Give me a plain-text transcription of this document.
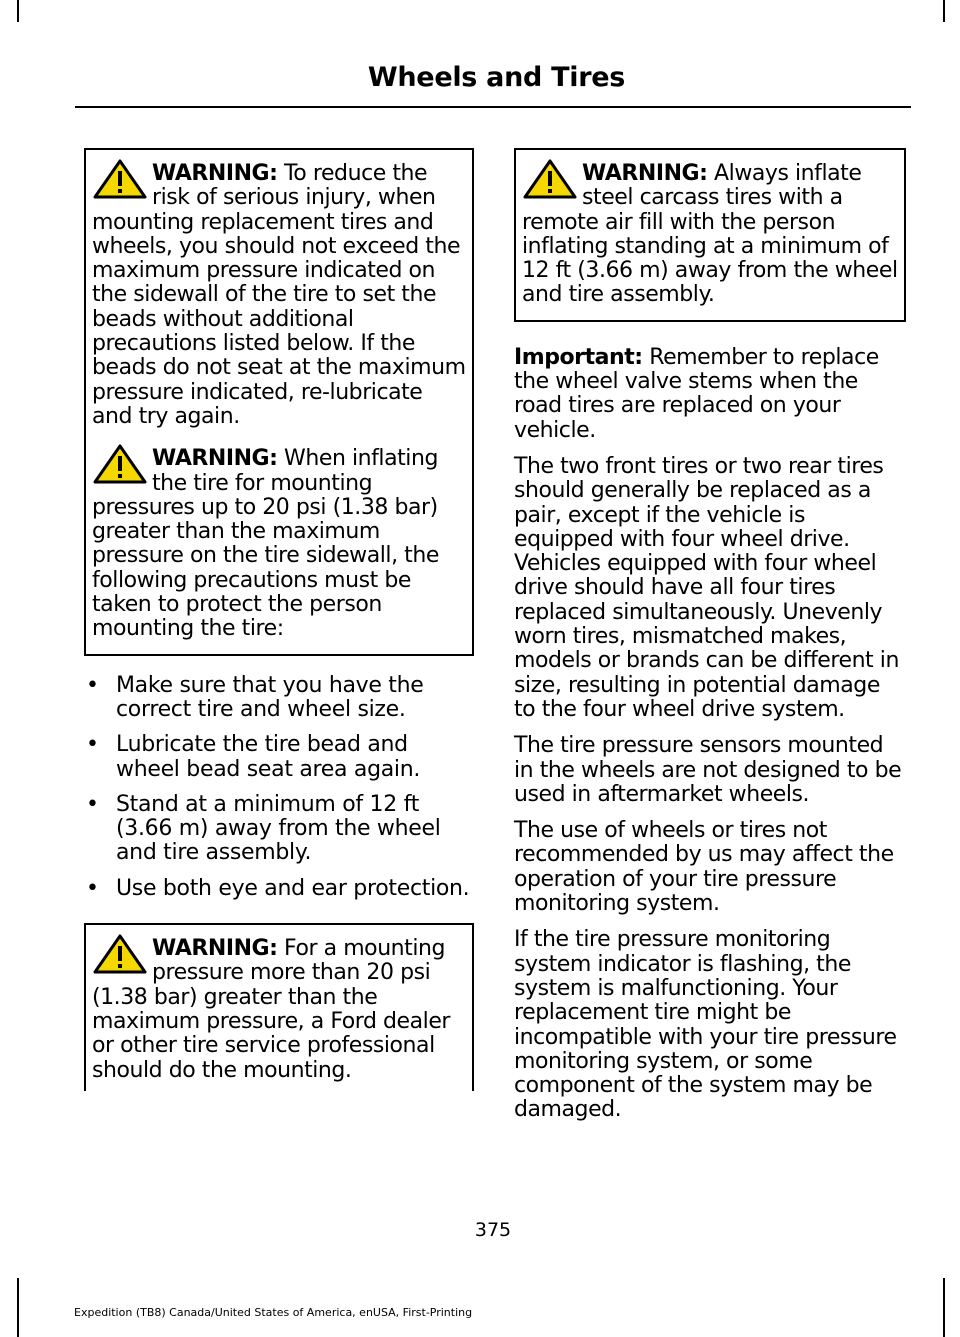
Wheels and Tires

WARNING: To reduce the risk of serious injury, when mounting replacement tires and wheels, you should not exceed the maximum pressure indicated on the sidewall of the tire to set the beads without additional precautions listed below. If the beads do not seat at the maximum pressure indicated, re-lubricate and try again.

WARNING: When inflating the tire for mounting pressures up to 20 psi (1.38 bar) greater than the maximum pressure on the tire sidewall, the following precautions must be taken to protect the person mounting the tire:

• Make sure that you have the correct tire and wheel size.
• Lubricate the tire bead and wheel bead seat area again.
• Stand at a minimum of 12 ft (3.66 m) away from the wheel and tire assembly.
• Use both eye and ear protection.

WARNING: For a mounting pressure more than 20 psi (1.38 bar) greater than the maximum pressure, a Ford dealer or other tire service professional should do the mounting.

WARNING: Always inflate steel carcass tires with a remote air fill with the person inflating standing at a minimum of 12 ft (3.66 m) away from the wheel and tire assembly.

Important: Remember to replace the wheel valve stems when the road tires are replaced on your vehicle.

The two front tires or two rear tires should generally be replaced as a pair, except if the vehicle is equipped with four wheel drive. Vehicles equipped with four wheel drive should have all four tires replaced simultaneously. Unevenly worn tires, mismatched makes, models or brands can be different in size, resulting in potential damage to the four wheel drive system.

The tire pressure sensors mounted in the wheels are not designed to be used in aftermarket wheels.

The use of wheels or tires not recommended by us may affect the operation of your tire pressure monitoring system.

If the tire pressure monitoring system indicator is flashing, the system is malfunctioning. Your replacement tire might be incompatible with your tire pressure monitoring system, or some component of the system may be damaged.

375
Expedition (TB8) Canada/United States of America, enUSA, First-Printing
